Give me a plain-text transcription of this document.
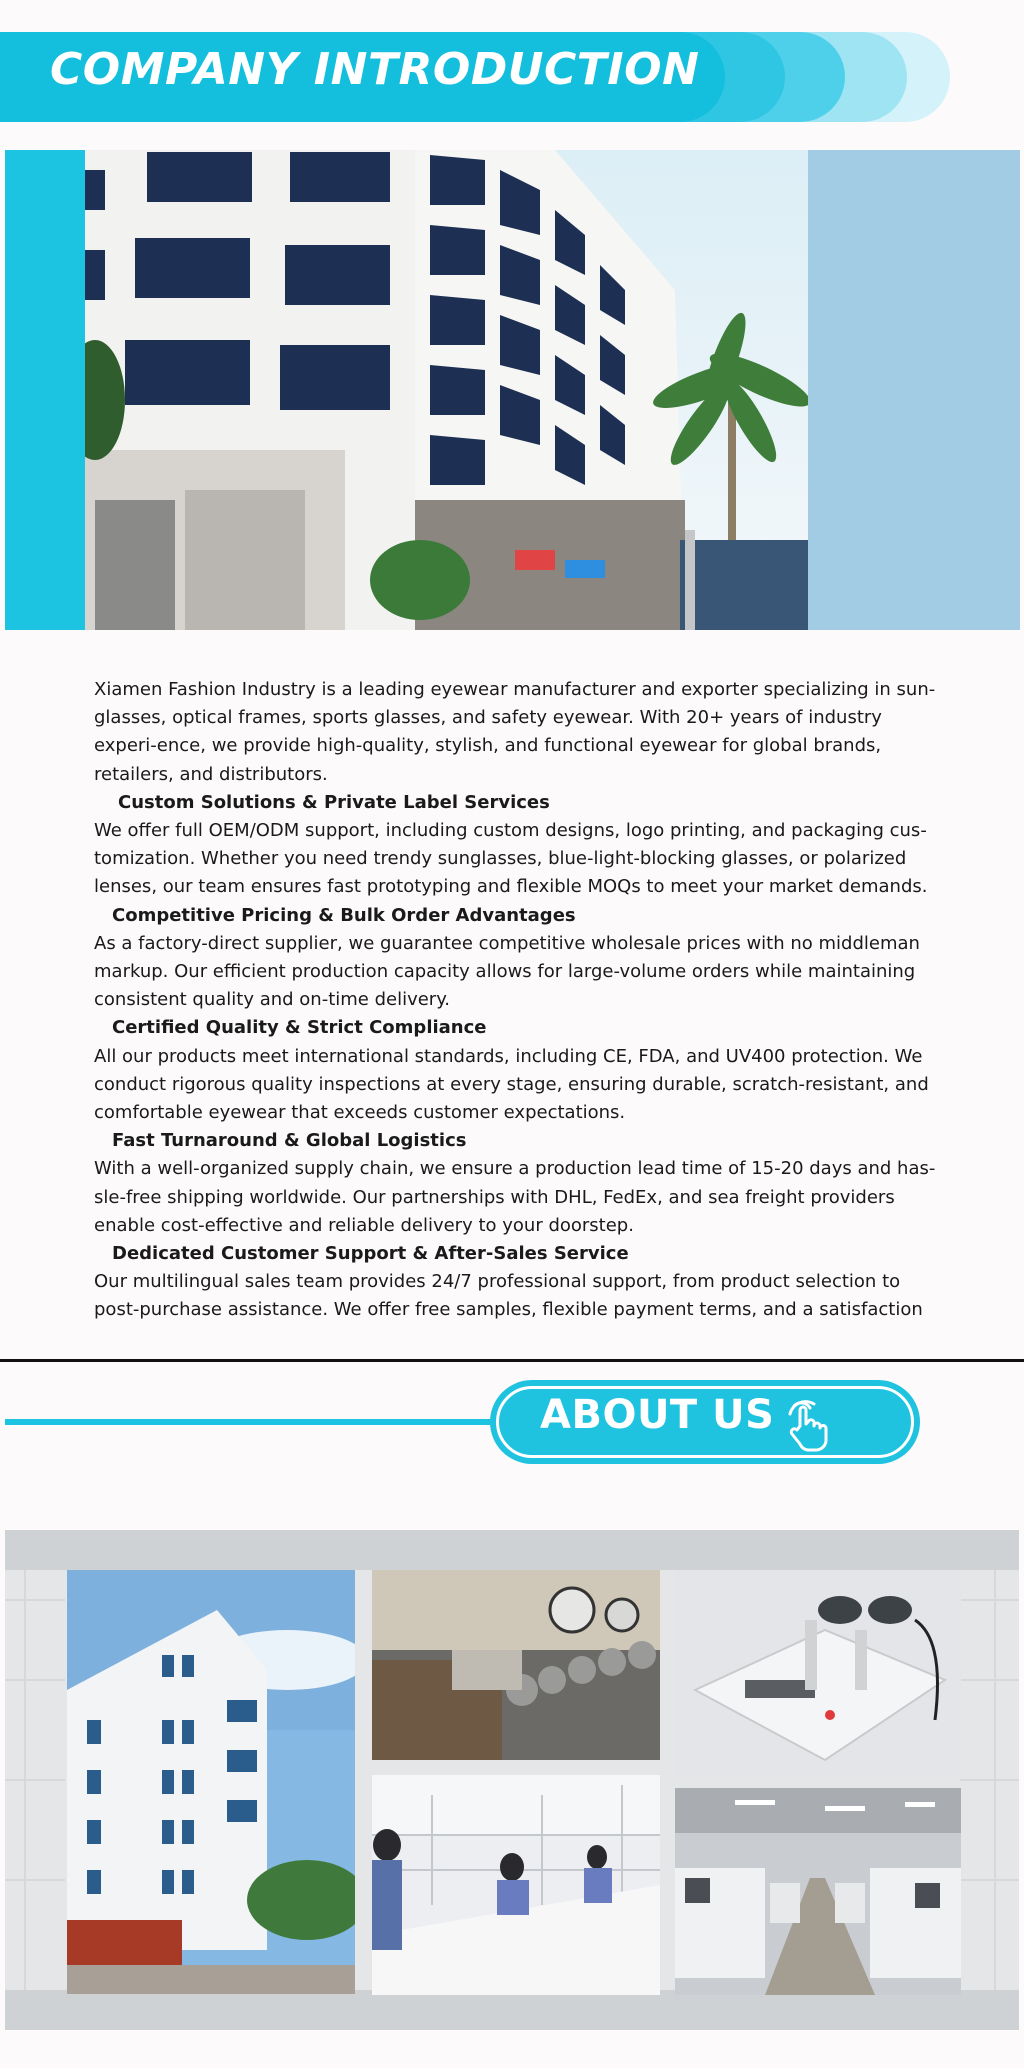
COMPANY INTRODUCTION

Xiamen Fashion Industry is a leading eyewear manufacturer and exporter specializing in sun-glasses, optical frames, sports glasses, and safety eyewear. With 20+ years of industry experi-ence, we provide high-quality, stylish, and functional eyewear for global brands, retailers, and distributors.

Custom Solutions & Private Label Services

We offer full OEM/ODM support, including custom designs, logo printing, and packaging cus-tomization. Whether you need trendy sunglasses, blue-light-blocking glasses, or polarized lenses, our team ensures fast prototyping and flexible MOQs to meet your market demands.

Competitive Pricing & Bulk Order Advantages

As a factory-direct supplier, we guarantee competitive wholesale prices with no middleman markup. Our efficient production capacity allows for large-volume orders while maintaining consistent quality and on-time delivery.

Certified Quality & Strict Compliance

All our products meet international standards, including CE, FDA, and UV400 protection. We conduct rigorous quality inspections at every stage, ensuring durable, scratch-resistant, and comfortable eyewear that exceeds customer expectations.

Fast Turnaround & Global Logistics

With a well-organized supply chain, we ensure a production lead time of 15-20 days and has-sle-free shipping worldwide. Our partnerships with DHL, FedEx, and sea freight providers enable cost-effective and reliable delivery to your doorstep.

Dedicated Customer Support & After-Sales Service

Our multilingual sales team provides 24/7 professional support, from product selection to post-purchase assistance. We offer free samples, flexible payment terms, and a satisfaction

ABOUT US
